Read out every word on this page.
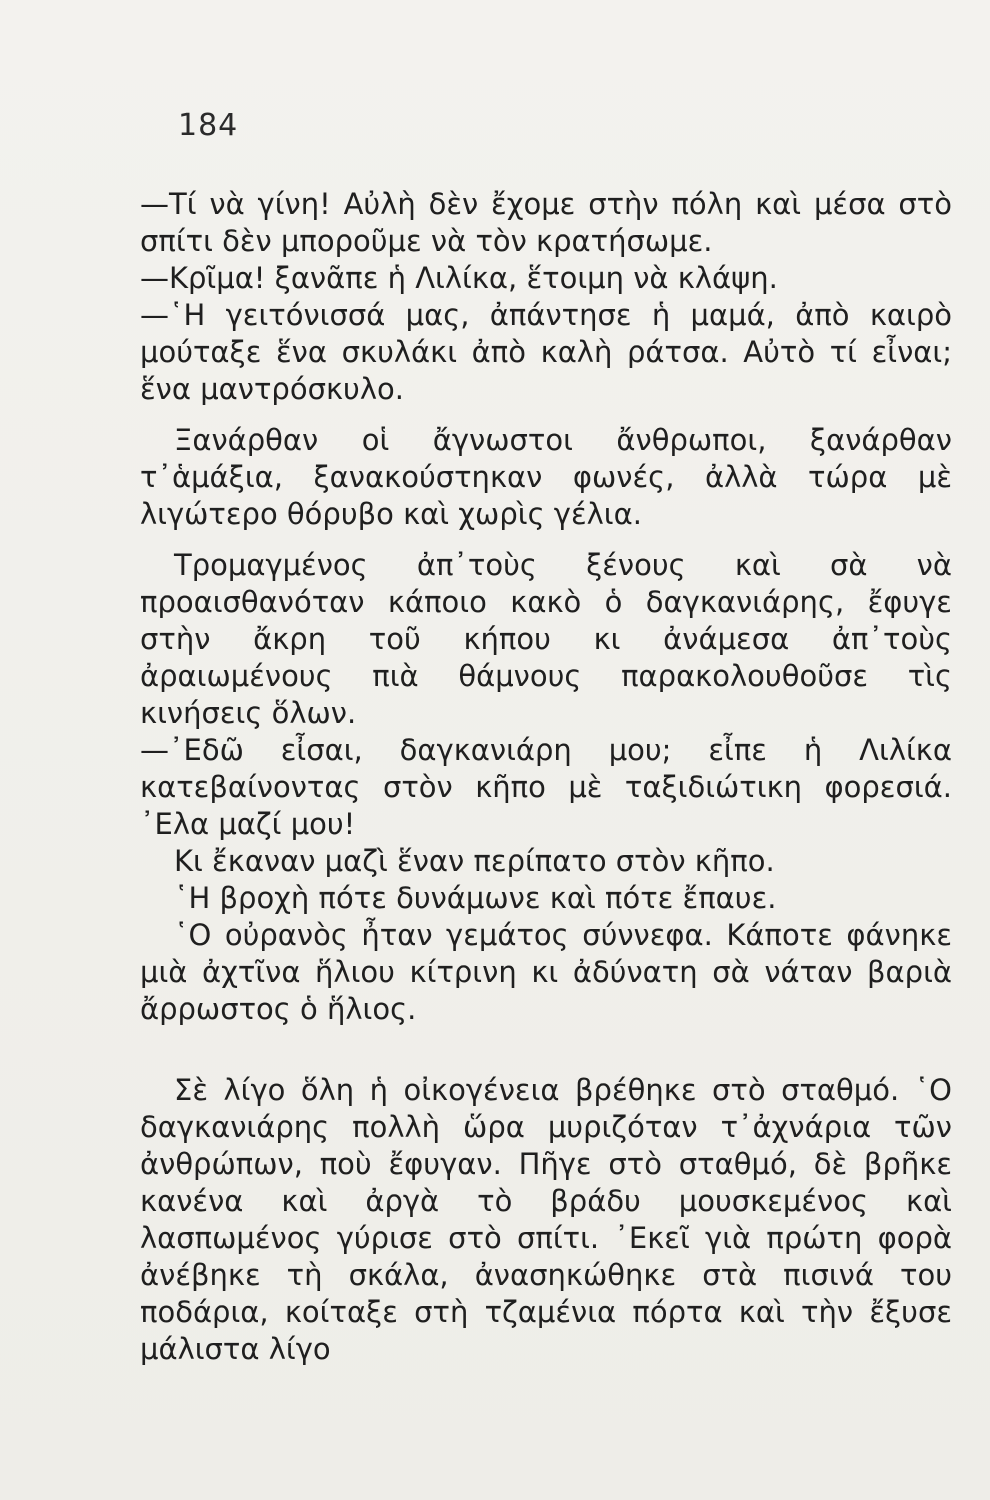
184

—Τί νὰ γίνη! Αὐλὴ δὲν ἔχομε στὴν πόλη καὶ μέσα στὸ σπίτι δὲν μποροῦμε νὰ τὸν κρατήσωμε.

—Κρῖμα! ξανᾶπε ἡ Λιλίκα, ἕτοιμη νὰ κλάψη.

—῾Η γειτόνισσά μας, ἀπάντησε ἡ μαμά, ἀπὸ καιρὸ μούταξε ἕνα σκυλάκι ἀπὸ καλὴ ράτσα. Αὐτὸ τί εἶναι; ἕνα μαντρόσκυλο.

Ξανάρθαν οἱ ἄγνωστοι ἄνθρωποι, ξανάρθαν τ᾽ἁμάξια, ξανακούστηκαν φωνές, ἀλλὰ τώρα μὲ λιγώτερο θόρυβο καὶ χωρὶς γέλια.

Τρομαγμένος ἀπ᾽τοὺς ξένους καὶ σὰ νὰ προαισθανόταν κάποιο κακὸ ὁ δαγκανιάρης, ἔφυγε στὴν ἄκρη τοῦ κήπου κι ἀνάμεσα ἀπ᾽τοὺς ἀραιωμένους πιὰ θάμνους παρακολουθοῦσε τὶς κινήσεις ὅλων.

—᾽Εδῶ εἶσαι, δαγκανιάρη μου; εἶπε ἡ Λιλίκα κατεβαίνοντας στὸν κῆπο μὲ ταξιδιώτικη φορεσιά. ᾽Ελα μαζί μου!

Κι ἔκαναν μαζὶ ἕναν περίπατο στὸν κῆπο.

῾Η βροχὴ πότε δυνάμωνε καὶ πότε ἔπαυε.

῾Ο οὐρανὸς ἦταν γεμάτος σύννεφα. Κάποτε φάνηκε μιὰ ἀχτῖνα ἥλιου κίτρινη κι ἀδύνατη σὰ νάταν βαριὰ ἄρρωστος ὁ ἥλιος.

Σὲ λίγο ὅλη ἡ οἰκογένεια βρέθηκε στὸ σταθμό. ῾Ο δαγκανιάρης πολλὴ ὥρα μυριζόταν τ᾽ἀχνάρια τῶν ἀνθρώπων, ποὺ ἔφυγαν. Πῆγε στὸ σταθμό, δὲ βρῆκε κανένα καὶ ἀργὰ τὸ βράδυ μουσκεμένος καὶ λασπωμένος γύρισε στὸ σπίτι. ᾽Εκεῖ γιὰ πρώτη φορὰ ἀνέβηκε τὴ σκάλα, ἀνασηκώθηκε στὰ πισινά του ποδάρια, κοίταξε στὴ τζαμένια πόρτα καὶ τὴν ἔξυσε μάλιστα λίγο
